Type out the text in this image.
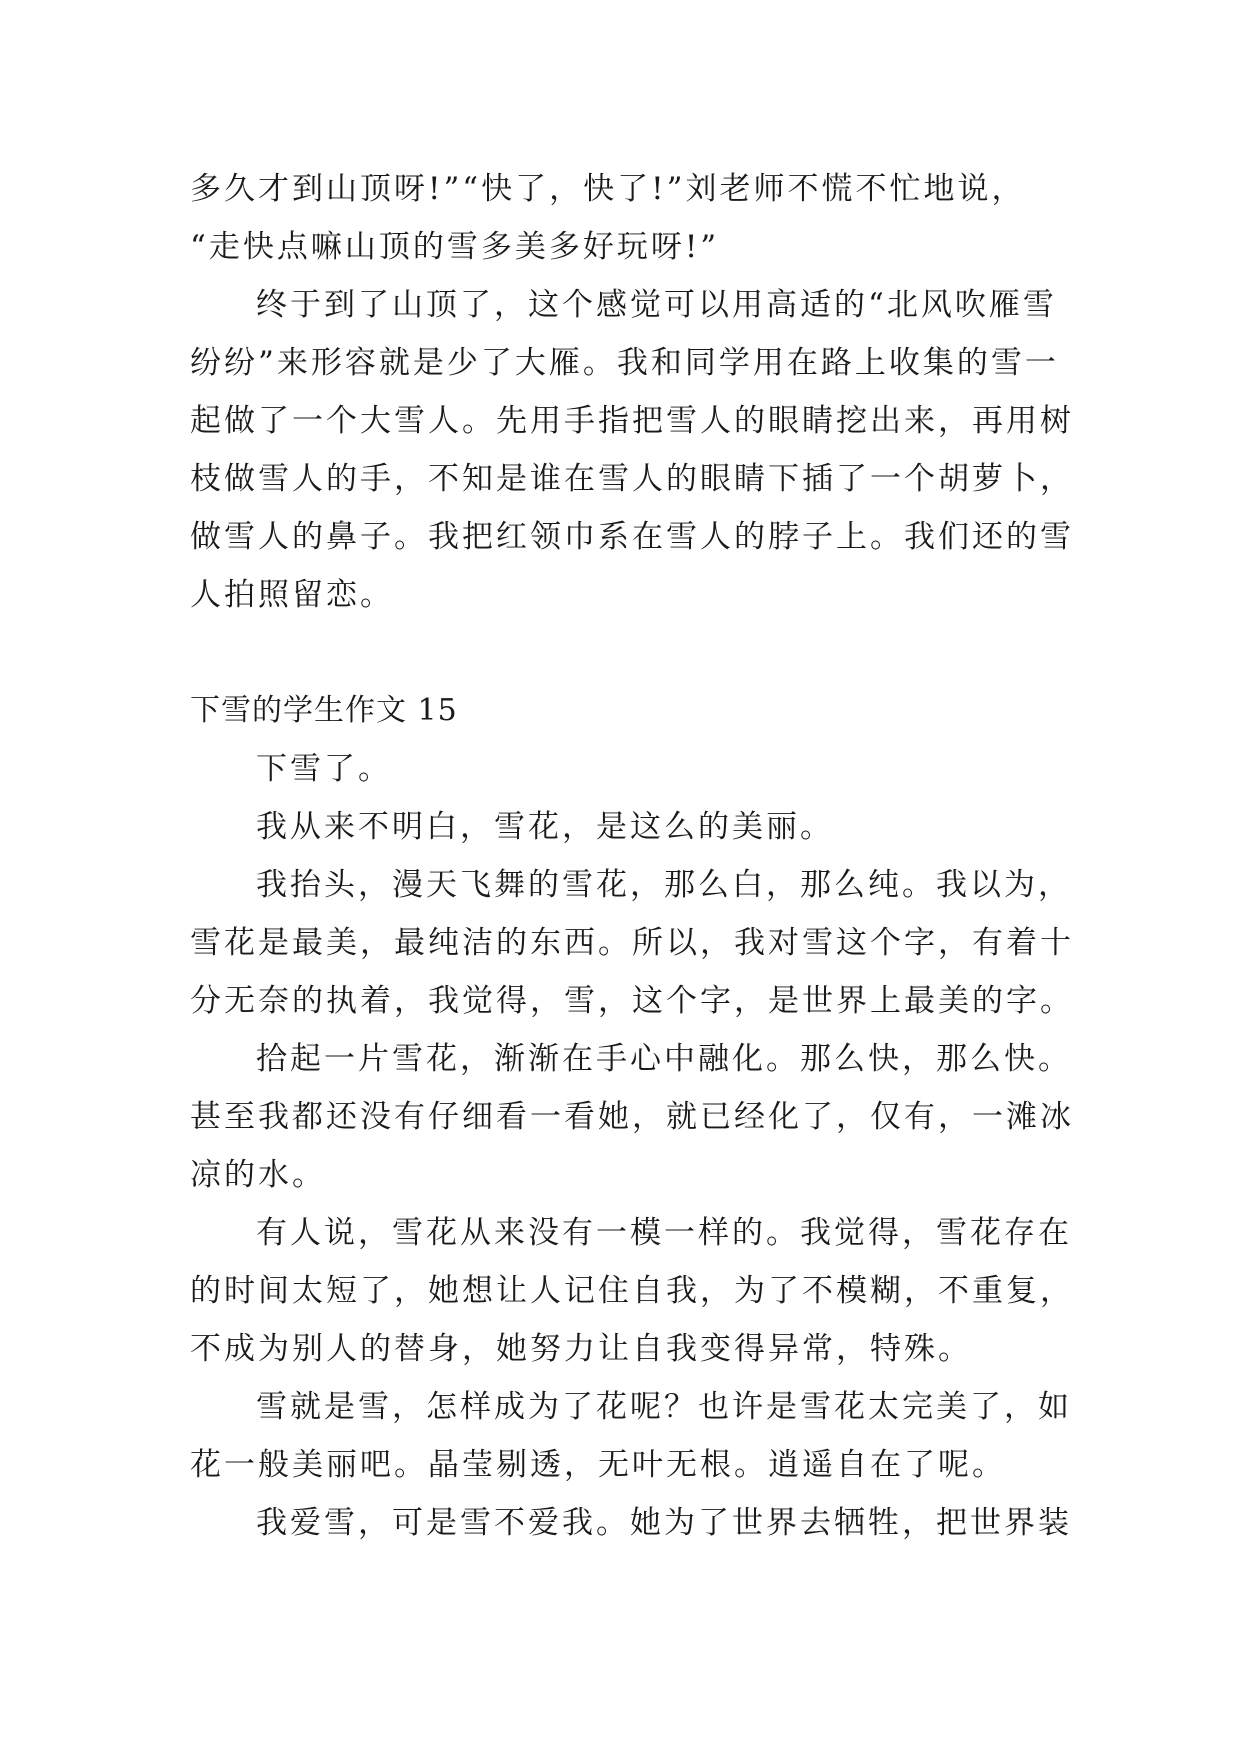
多久才到山顶呀!”“快了，快了!”刘老师不慌不忙地说，
“走快点嘛山顶的雪多美多好玩呀!”
终于到了山顶了，这个感觉可以用高适的“北风吹雁雪
纷纷”来形容就是少了大雁。我和同学用在路上收集的雪一
起做了一个大雪人。先用手指把雪人的眼睛挖出来，再用树
枝做雪人的手，不知是谁在雪人的眼睛下插了一个胡萝卜，
做雪人的鼻子。我把红领巾系在雪人的脖子上。我们还的雪
人拍照留恋。
下雪的学生作文 15
下雪了。
我从来不明白，雪花，是这么的美丽。
我抬头，漫天飞舞的雪花，那么白，那么纯。我以为，
雪花是最美，最纯洁的东西。所以，我对雪这个字，有着十
分无奈的执着，我觉得，雪，这个字，是世界上最美的字。
拾起一片雪花，渐渐在手心中融化。那么快，那么快。
甚至我都还没有仔细看一看她，就已经化了，仅有，一滩冰
凉的水。
有人说，雪花从来没有一模一样的。我觉得，雪花存在
的时间太短了，她想让人记住自我，为了不模糊，不重复，
不成为别人的替身，她努力让自我变得异常，特殊。
雪就是雪，怎样成为了花呢？也许是雪花太完美了，如
花一般美丽吧。晶莹剔透，无叶无根。逍遥自在了呢。
我爱雪，可是雪不爱我。她为了世界去牺牲，把世界装
